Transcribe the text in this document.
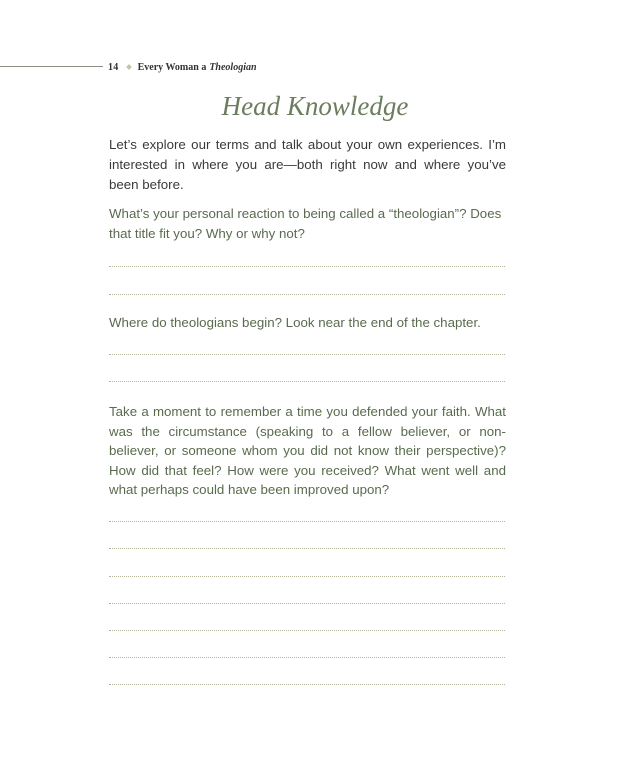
14 Every Woman a Theologian
Head Knowledge

Let’s explore our terms and talk about your own experiences. I’m interested in where you are—both right now and where you’ve been before.

What’s your personal reaction to being called a “theologian”? Does that title fit you? Why or why not?

Where do theologians begin? Look near the end of the chapter.

Take a moment to remember a time you defended your faith. What was the circumstance (speaking to a fellow believer, or non-believer, or someone whom you did not know their perspective)? How did that feel? How were you received? What went well and what perhaps could have been improved upon?
